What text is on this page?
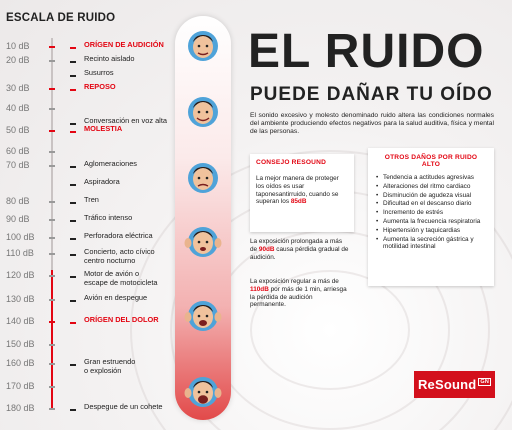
ESCALA DE RUIDO
10 dB	ORÍGEN DE AUDICIÓN
20 dB	Recinto aislado
Susurros
30 dB	REPOSO
40 dB
Conversación en voz alta
50 dB	MOLESTIA
60 dB
70 dB	Aglomeraciones
Aspiradora
80 dB	Tren
90 dB	Tráfico intenso
100 dB	Perforadora eléctrica
110 dB	Concierto, acto cívico
centro nocturno
120 dB	Motor de avión o
escape de motocicleta
130 dB	Avión en despegue
140 dB	ORÍGEN DEL DOLOR
150 dB
160 dB	Gran estruendo
o explosión
170 dB
180 dB	Despegue de un cohete
EL RUIDO
PUEDE DAÑAR TU OÍDO
El sonido excesivo y molesto denominado ruido altera las condiciones normales del ambiente produciendo efectos negativos para la salud auditiva, física y mental de las personas.
CONSEJO RESOUND
La mejor manera de proteger los oídos es usar taponesantirruido, cuando se superan los 85dB
La exposición prolongada a más de 90dB causa pérdida gradual de audición.
La exposición regular a más de 110dB por más de 1 min, arriesga la pérdida de audición permanente.
OTROS DAÑOS POR RUIDO ALTO
• Tendencia a actitudes agresivas
• Alteraciones del ritmo cardiaco
• Disminución de agudeza visual
• Dificultad en el descanso diario
• Incremento de estrés
• Aumenta la frecuencia respiratoria
• Hipertensión y taquicardias
• Aumenta la secreción gástrica y motilidad intestinal
ReSound GN
